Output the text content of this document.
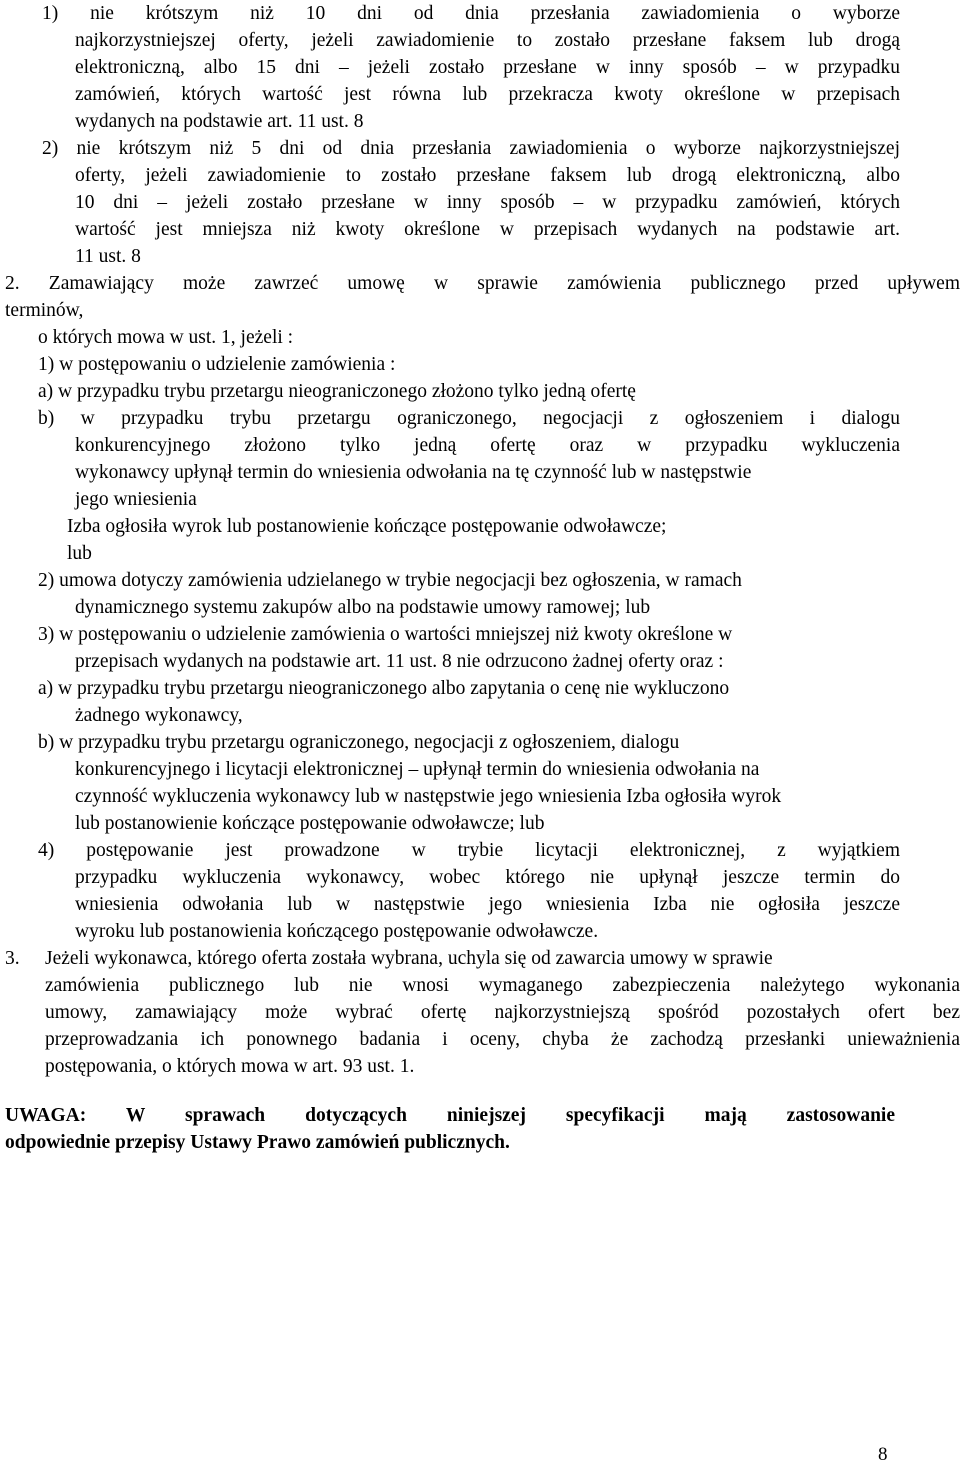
1) nie krótszym niż 10 dni od dnia przesłania zawiadomienia o wyborze
najkorzystniejszej oferty, jeżeli zawiadomienie to zostało przesłane faksem lub drogą
elektroniczną, albo 15 dni – jeżeli zostało przesłane w inny sposób – w przypadku
zamówień, których wartość jest równa lub przekracza kwoty określone w przepisach
wydanych na podstawie art. 11 ust. 8
2) nie krótszym niż 5 dni od dnia przesłania zawiadomienia o wyborze najkorzystniejszej
oferty, jeżeli zawiadomienie to zostało przesłane faksem lub drogą elektroniczną, albo
10 dni – jeżeli zostało przesłane w inny sposób – w przypadku zamówień, których
wartość jest mniejsza niż kwoty określone w przepisach wydanych na podstawie art.
11 ust. 8
2. Zamawiający może zawrzeć umowę w sprawie zamówienia publicznego przed upływem
terminów,
o których mowa w ust. 1, jeżeli :
1) w postępowaniu o udzielenie zamówienia :
a) w przypadku trybu przetargu nieograniczonego złożono tylko jedną ofertę
b) w przypadku trybu przetargu ograniczonego, negocjacji z ogłoszeniem i dialogu
konkurencyjnego złożono tylko jedną ofertę oraz w przypadku wykluczenia
wykonawcy upłynął termin do wniesienia odwołania na tę czynność lub w następstwie
jego wniesienia
Izba ogłosiła wyrok lub postanowienie kończące postępowanie odwoławcze;
lub
2) umowa dotyczy zamówienia udzielanego w trybie negocjacji bez ogłoszenia, w ramach
dynamicznego systemu zakupów albo na podstawie umowy ramowej; lub
3) w postępowaniu o udzielenie zamówienia o wartości mniejszej niż kwoty określone w
przepisach wydanych na podstawie art. 11 ust. 8 nie odrzucono żadnej oferty oraz :
a) w przypadku trybu przetargu nieograniczonego albo zapytania o cenę nie wykluczono
żadnego wykonawcy,
b) w przypadku trybu przetargu ograniczonego, negocjacji z ogłoszeniem, dialogu
konkurencyjnego i licytacji elektronicznej – upłynął termin do wniesienia odwołania na
czynność wykluczenia wykonawcy lub w następstwie jego wniesienia Izba ogłosiła wyrok
lub postanowienie kończące postępowanie odwoławcze; lub
4) postępowanie jest prowadzone w trybie licytacji elektronicznej, z wyjątkiem
przypadku wykluczenia wykonawcy, wobec którego nie upłynął jeszcze termin do
wniesienia odwołania lub w następstwie jego wniesienia Izba nie ogłosiła jeszcze
wyroku lub postanowienia kończącego postępowanie odwoławcze.
3. Jeżeli wykonawca, którego oferta została wybrana, uchyla się od zawarcia umowy w sprawie
zamówienia publicznego lub nie wnosi wymaganego zabezpieczenia należytego wykonania
umowy, zamawiający może wybrać ofertę najkorzystniejszą spośród pozostałych ofert bez
przeprowadzania ich ponownego badania i oceny, chyba że zachodzą przesłanki unieważnienia
postępowania, o których mowa w art. 93 ust. 1.
UWAGA: W sprawach dotyczących niniejszej specyfikacji mają zastosowanie
odpowiednie przepisy Ustawy Prawo zamówień publicznych.
8
